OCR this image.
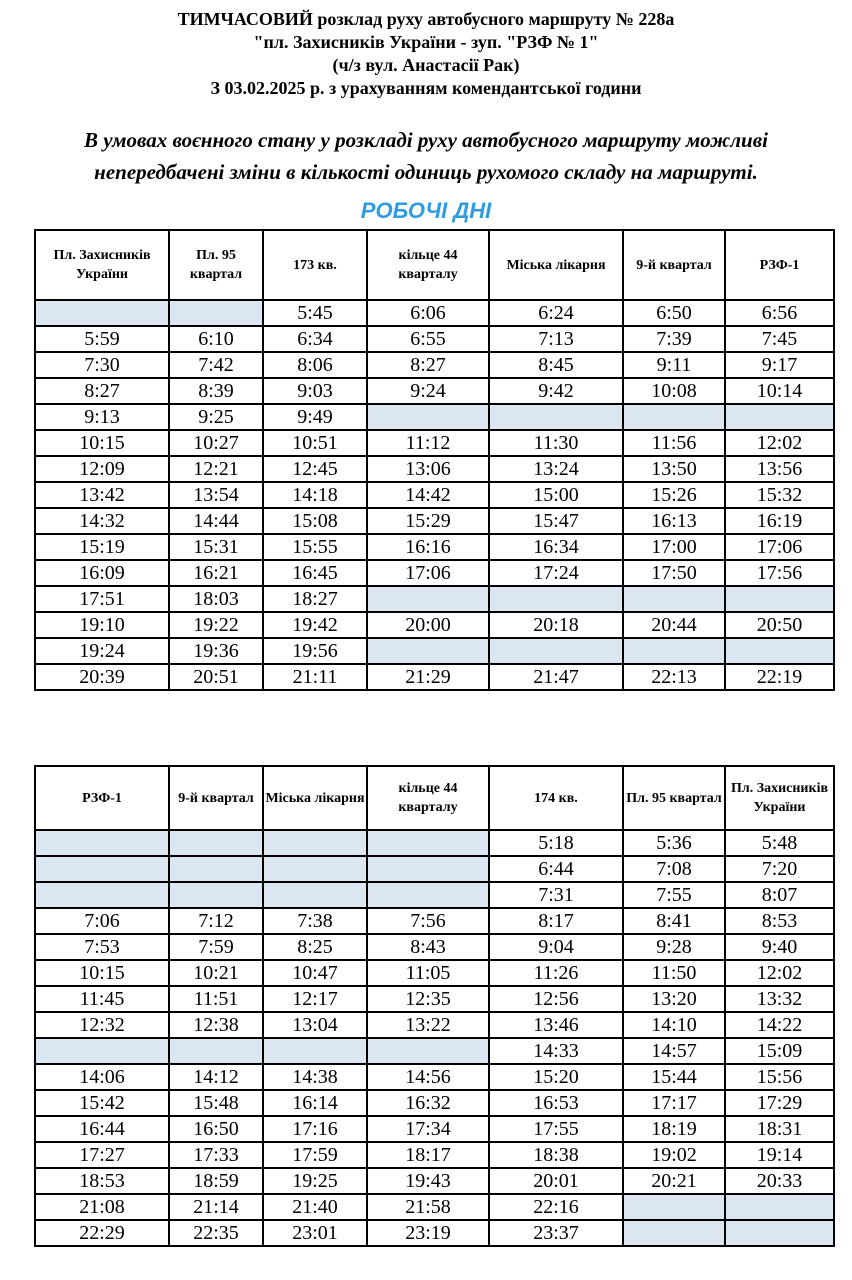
ТИМЧАСОВИЙ розклад руху автобусного маршруту № 228а
"пл. Захисників України - зуп. "РЗФ № 1"
(ч/з вул. Анастасії Рак)
З 03.02.2025 р. з урахуванням комендантської години
В умовах воєнного стану у розкладі руху автобусного маршруту можливі
непередбачені зміни в кількості одиниць рухомого складу на маршруті.
РОБОЧІ ДНІ
Пл. Захисників України	Пл. 95 квартал	173 кв.	кільце 44 кварталу	Міська лікарня	9-й квартал	РЗФ-1
		5:45	6:06	6:24	6:50	6:56
5:59	6:10	6:34	6:55	7:13	7:39	7:45
7:30	7:42	8:06	8:27	8:45	9:11	9:17
8:27	8:39	9:03	9:24	9:42	10:08	10:14
9:13	9:25	9:49				
10:15	10:27	10:51	11:12	11:30	11:56	12:02
12:09	12:21	12:45	13:06	13:24	13:50	13:56
13:42	13:54	14:18	14:42	15:00	15:26	15:32
14:32	14:44	15:08	15:29	15:47	16:13	16:19
15:19	15:31	15:55	16:16	16:34	17:00	17:06
16:09	16:21	16:45	17:06	17:24	17:50	17:56
17:51	18:03	18:27				
19:10	19:22	19:42	20:00	20:18	20:44	20:50
19:24	19:36	19:56				
20:39	20:51	21:11	21:29	21:47	22:13	22:19
РЗФ-1	9-й квартал	Міська лікарня	кільце 44 кварталу	174 кв.	Пл. 95 квартал	Пл. Захисників України
				5:18	5:36	5:48
				6:44	7:08	7:20
				7:31	7:55	8:07
7:06	7:12	7:38	7:56	8:17	8:41	8:53
7:53	7:59	8:25	8:43	9:04	9:28	9:40
10:15	10:21	10:47	11:05	11:26	11:50	12:02
11:45	11:51	12:17	12:35	12:56	13:20	13:32
12:32	12:38	13:04	13:22	13:46	14:10	14:22
				14:33	14:57	15:09
14:06	14:12	14:38	14:56	15:20	15:44	15:56
15:42	15:48	16:14	16:32	16:53	17:17	17:29
16:44	16:50	17:16	17:34	17:55	18:19	18:31
17:27	17:33	17:59	18:17	18:38	19:02	19:14
18:53	18:59	19:25	19:43	20:01	20:21	20:33
21:08	21:14	21:40	21:58	22:16		
22:29	22:35	23:01	23:19	23:37		
